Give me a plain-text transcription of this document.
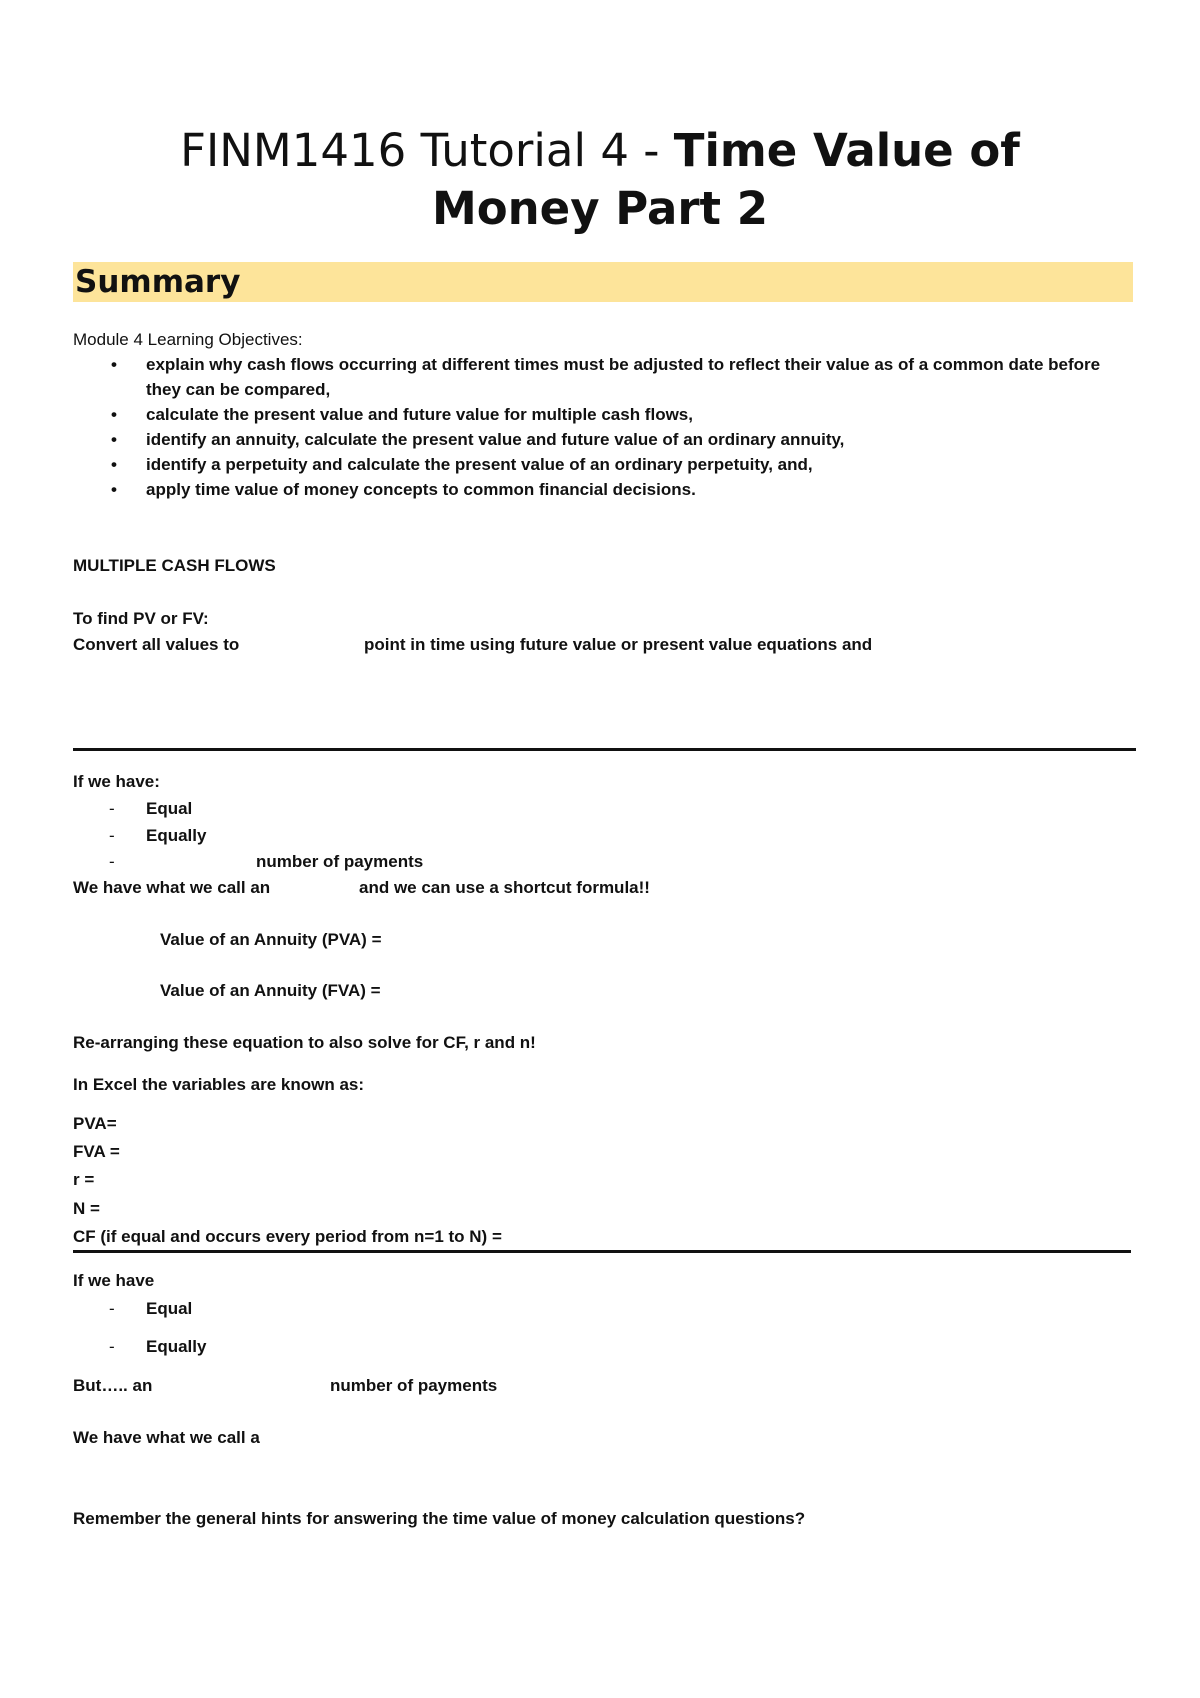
FINM1416 Tutorial 4 - Time Value of
Money Part 2
Summary
Module 4 Learning Objectives:
• explain why cash flows occurring at different times must be adjusted to reflect their value as of a common date before they can be compared,
• calculate the present value and future value for multiple cash flows,
• identify an annuity, calculate the present value and future value of an ordinary annuity,
• identify a perpetuity and calculate the present value of an ordinary perpetuity, and,
• apply time value of money concepts to common financial decisions.
MULTIPLE CASH FLOWS
To find PV or FV:
Convert all values to	point in time using future value or present value equations and
If we have:
- Equal
- Equally
-	number of payments
We have what we call an	and we can use a shortcut formula!!
Value of an Annuity (PVA) =
Value of an Annuity (FVA) =
Re-arranging these equation to also solve for CF, r and n!
In Excel the variables are known as:
PVA=
FVA =
r =
N =
CF (if equal and occurs every period from n=1 to N) =
If we have
- Equal
- Equally
But….. an	number of payments
We have what we call a
Remember the general hints for answering the time value of money calculation questions?
